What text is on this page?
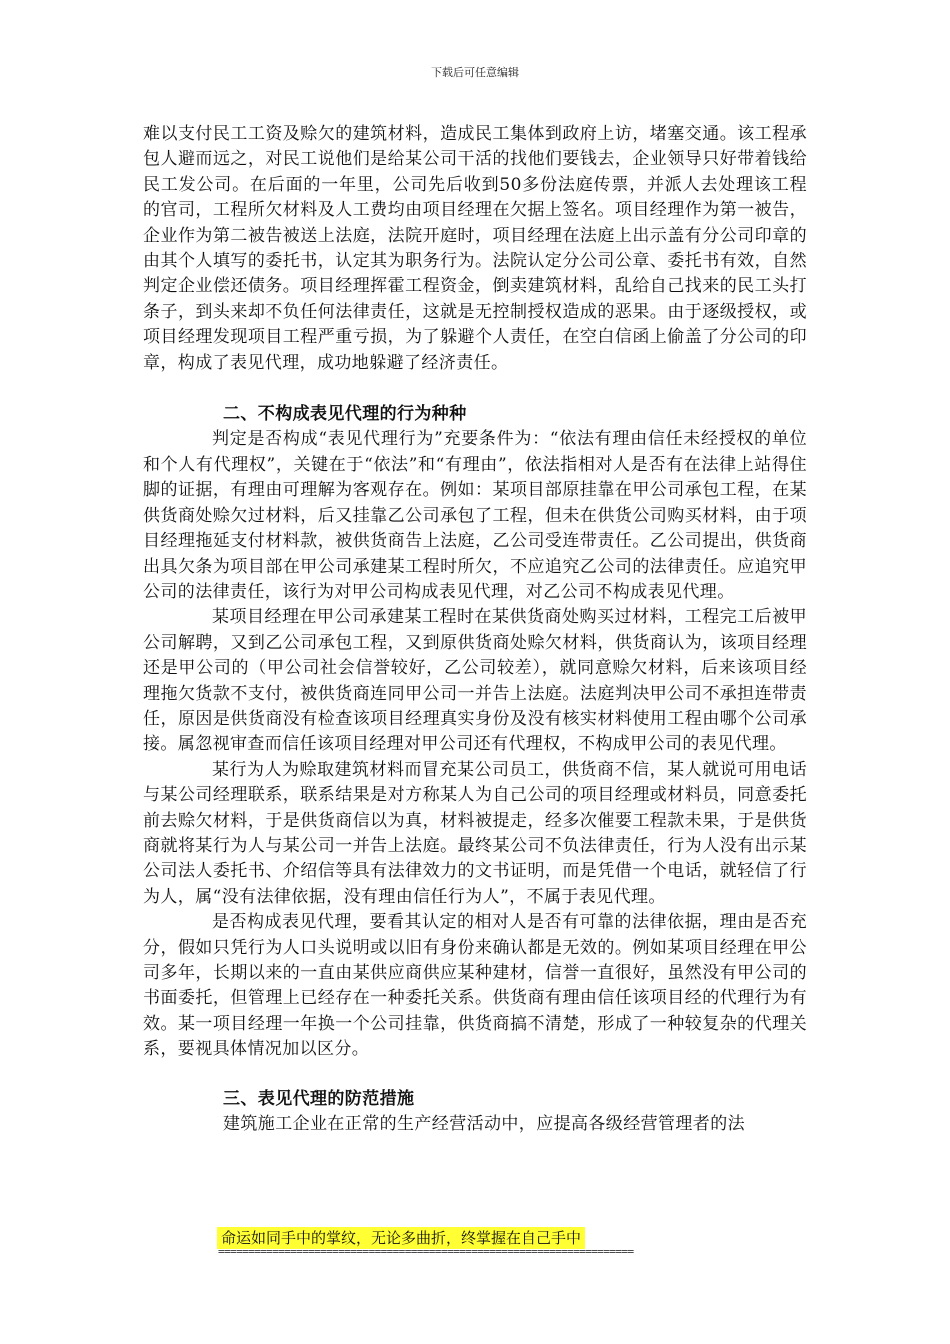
下载后可任意编辑

难以支付民工工资及赊欠的建筑材料，造成民工集体到政府上访，堵塞交通。该工程承包人避而远之，对民工说他们是给某公司干活的找他们要钱去，企业领导只好带着钱给民工发公司。在后面的一年里，公司先后收到50多份法庭传票，并派人去处理该工程的官司，工程所欠材料及人工费均由项目经理在欠据上签名。项目经理作为第一被告，企业作为第二被告被送上法庭，法院开庭时，项目经理在法庭上出示盖有分公司印章的由其个人填写的委托书，认定其为职务行为。法院认定分公司公章、委托书有效，自然判定企业偿还债务。项目经理挥霍工程资金，倒卖建筑材料，乱给自己找来的民工头打条子，到头来却不负任何法律责任，这就是无控制授权造成的恶果。由于逐级授权，或项目经理发现项目工程严重亏损，为了躲避个人责任，在空白信函上偷盖了分公司的印章，构成了表见代理，成功地躲避了经济责任。

二、不构成表见代理的行为种种

判定是否构成“表见代理行为”充要条件为：“依法有理由信任未经授权的单位和个人有代理权”，关键在于“依法”和“有理由”，依法指相对人是否有在法律上站得住脚的证据，有理由可理解为客观存在。例如：某项目部原挂靠在甲公司承包工程，在某供货商处赊欠过材料，后又挂靠乙公司承包了工程，但未在供货公司购买材料，由于项目经理拖延支付材料款，被供货商告上法庭，乙公司受连带责任。乙公司提出，供货商出具欠条为项目部在甲公司承建某工程时所欠，不应追究乙公司的法律责任。应追究甲公司的法律责任，该行为对甲公司构成表见代理，对乙公司不构成表见代理。

某项目经理在甲公司承建某工程时在某供货商处购买过材料，工程完工后被甲公司解聘，又到乙公司承包工程，又到原供货商处赊欠材料，供货商认为，该项目经理还是甲公司的（甲公司社会信誉较好，乙公司较差），就同意赊欠材料，后来该项目经理拖欠货款不支付，被供货商连同甲公司一并告上法庭。法庭判决甲公司不承担连带责任，原因是供货商没有检查该项目经理真实身份及没有核实材料使用工程由哪个公司承接。属忽视审查而信任该项目经理对甲公司还有代理权，不构成甲公司的表见代理。

某行为人为赊取建筑材料而冒充某公司员工，供货商不信，某人就说可用电话与某公司经理联系，联系结果是对方称某人为自己公司的项目经理或材料员，同意委托前去赊欠材料，于是供货商信以为真，材料被提走，经多次催要工程款未果，于是供货商就将某行为人与某公司一并告上法庭。最终某公司不负法律责任，行为人没有出示某公司法人委托书、介绍信等具有法律效力的文书证明，而是凭借一个电话，就轻信了行为人，属“没有法律依据，没有理由信任行为人”，不属于表见代理。

是否构成表见代理，要看其认定的相对人是否有可靠的法律依据，理由是否充分，假如只凭行为人口头说明或以旧有身份来确认都是无效的。例如某项目经理在甲公司多年，长期以来的一直由某供应商供应某种建材，信誉一直很好，虽然没有甲公司的书面委托，但管理上已经存在一种委托关系。供货商有理由信任该项目经的代理行为有效。某一项目经理一年换一个公司挂靠，供货商搞不清楚，形成了一种较复杂的代理关系，要视具体情况加以区分。

三、表见代理的防范措施

建筑施工企业在正常的生产经营活动中，应提高各级经营管理者的法

命运如同手中的掌纹，无论多曲折，终掌握在自己手中
=====================================================================
